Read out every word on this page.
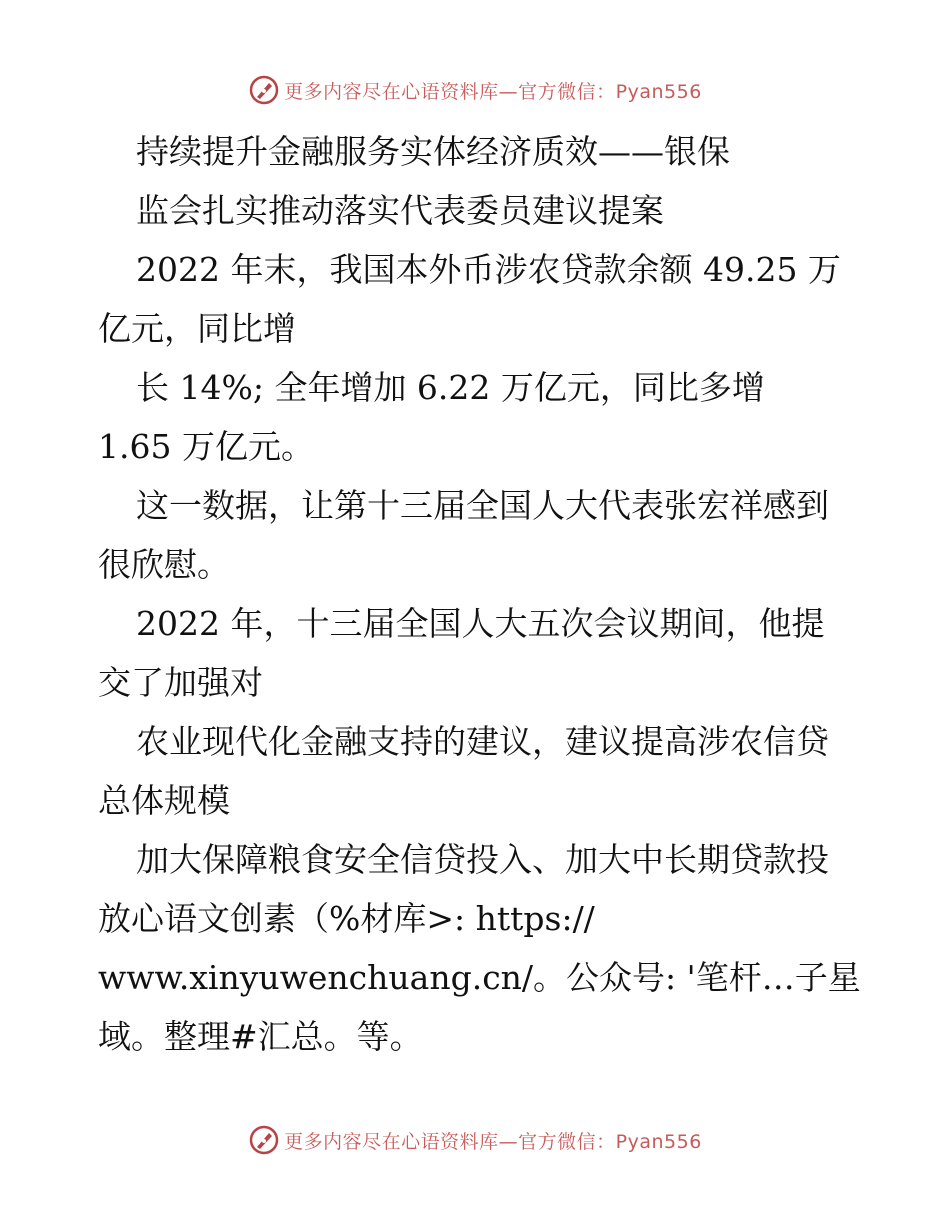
更多内容尽在心语资料库—官方微信：Pyan556
持续提升金融服务实体经济质效——银保
监会扎实推动落实代表委员建议提案
2022 年末，我国本外币涉农贷款余额 49.25 万
亿元，同比增
长 14%; 全年增加 6.22 万亿元，同比多增
1.65 万亿元。
这一数据，让第十三届全国人大代表张宏祥感到
很欣慰。
2022 年，十三届全国人大五次会议期间，他提
交了加强对
农业现代化金融支持的建议，建议提高涉农信贷
总体规模
加大保障粮食安全信贷投入、加大中长期贷款投
放心语文创素（%材库>: https://
www.xinyuwenchuang.cn/。公众号: '笔杆…子星
域。整理#汇总。等。
更多内容尽在心语资料库—官方微信：Pyan556
